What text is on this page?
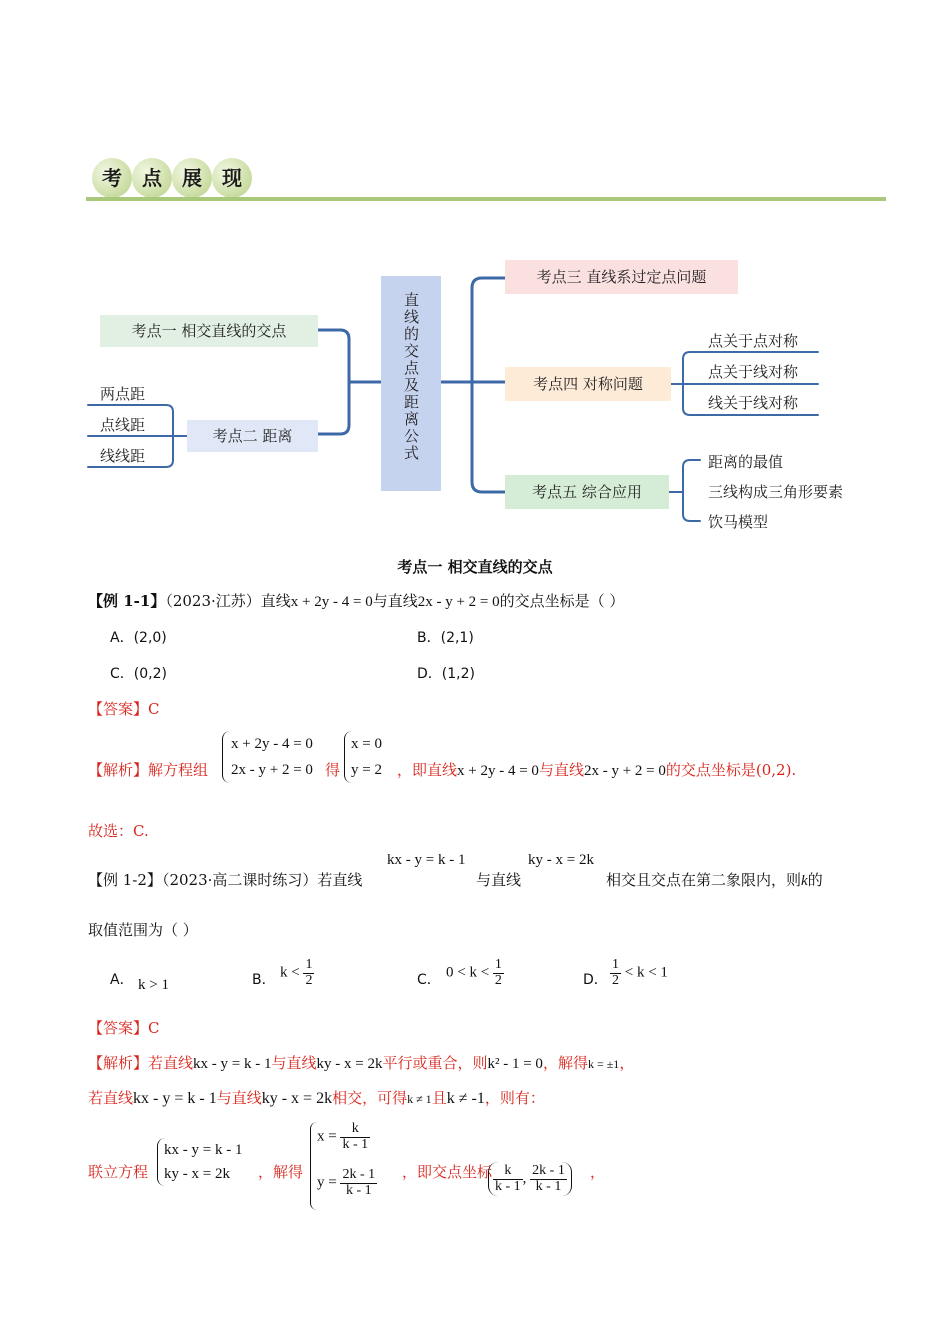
考	点	展	现
直线的交点及距离公式
考点一 相交直线的交点
考点二 距离
两点距
点线距
线线距
考点三 直线系过定点问题
考点四 对称问题
点关于点对称
点关于线对称
线关于线对称
考点五 综合应用
距离的最值
三线构成三角形要素
饮马模型
考点一 相交直线的交点
【例 1-1】（2023·江苏）直线x + 2y - 4 = 0与直线2x - y + 2 = 0的交点坐标是（ ）
A．(2,0)	B．(2,1)
C．(0,2)	D．(1,2)
【答案】C
【解析】解方程组
x + 2y - 4 = 0
2x - y + 2 = 0 得
x = 0
y = 2 ，即直线x + 2y - 4 = 0与直线2x - y + 2 = 0的交点坐标是(0,2).
故选：C.
【例 1-2】（2023·高二课时练习）若直线
kx - y = k - 1
与直线
ky - x = 2k
相交且交点在第二象限内，则k的
取值范围为（ ）
A． k > 1	B． $k < \frac{1}{2}$	C． $0 < k < \frac{1}{2}$	D． $\frac{1}{2} < k < 1$
【答案】C
【解析】若直线kx - y = k - 1与直线ky - x = 2k平行或重合，则k² - 1 = 0，解得k = ±1，
若直线kx - y = k - 1与直线ky - x = 2k相交，可得k ≠ 1且k ≠ -1，则有：
联立方程
kx - y = k - 1
ky - x = 2k	，解得
$x = \frac{k}{k - 1}$
$y = \frac{2k - 1}{k - 1}$ ，即交点坐标 $\frac{k}{k - 1}$ , $\frac{2k - 1}{k - 1}$ ，
